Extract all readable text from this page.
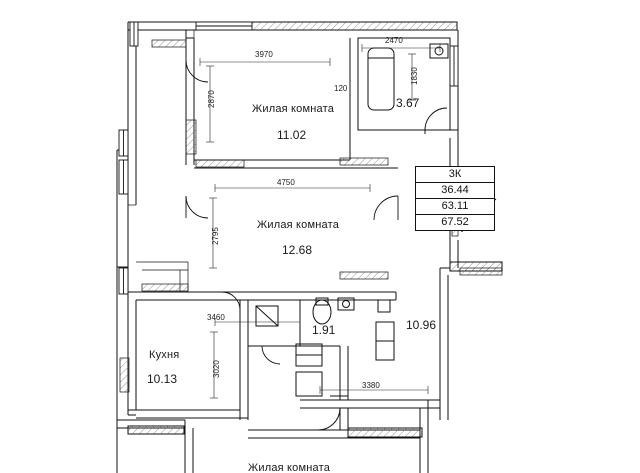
Жилая комната
11.02
Жилая комната
12.68
Кухня
10.13
Жилая комната
3.67
1.91	10.96
3970
2470
120
2870
1830
4750
2795
3460
3020
3380
3К
36.44
63.11
67.52
